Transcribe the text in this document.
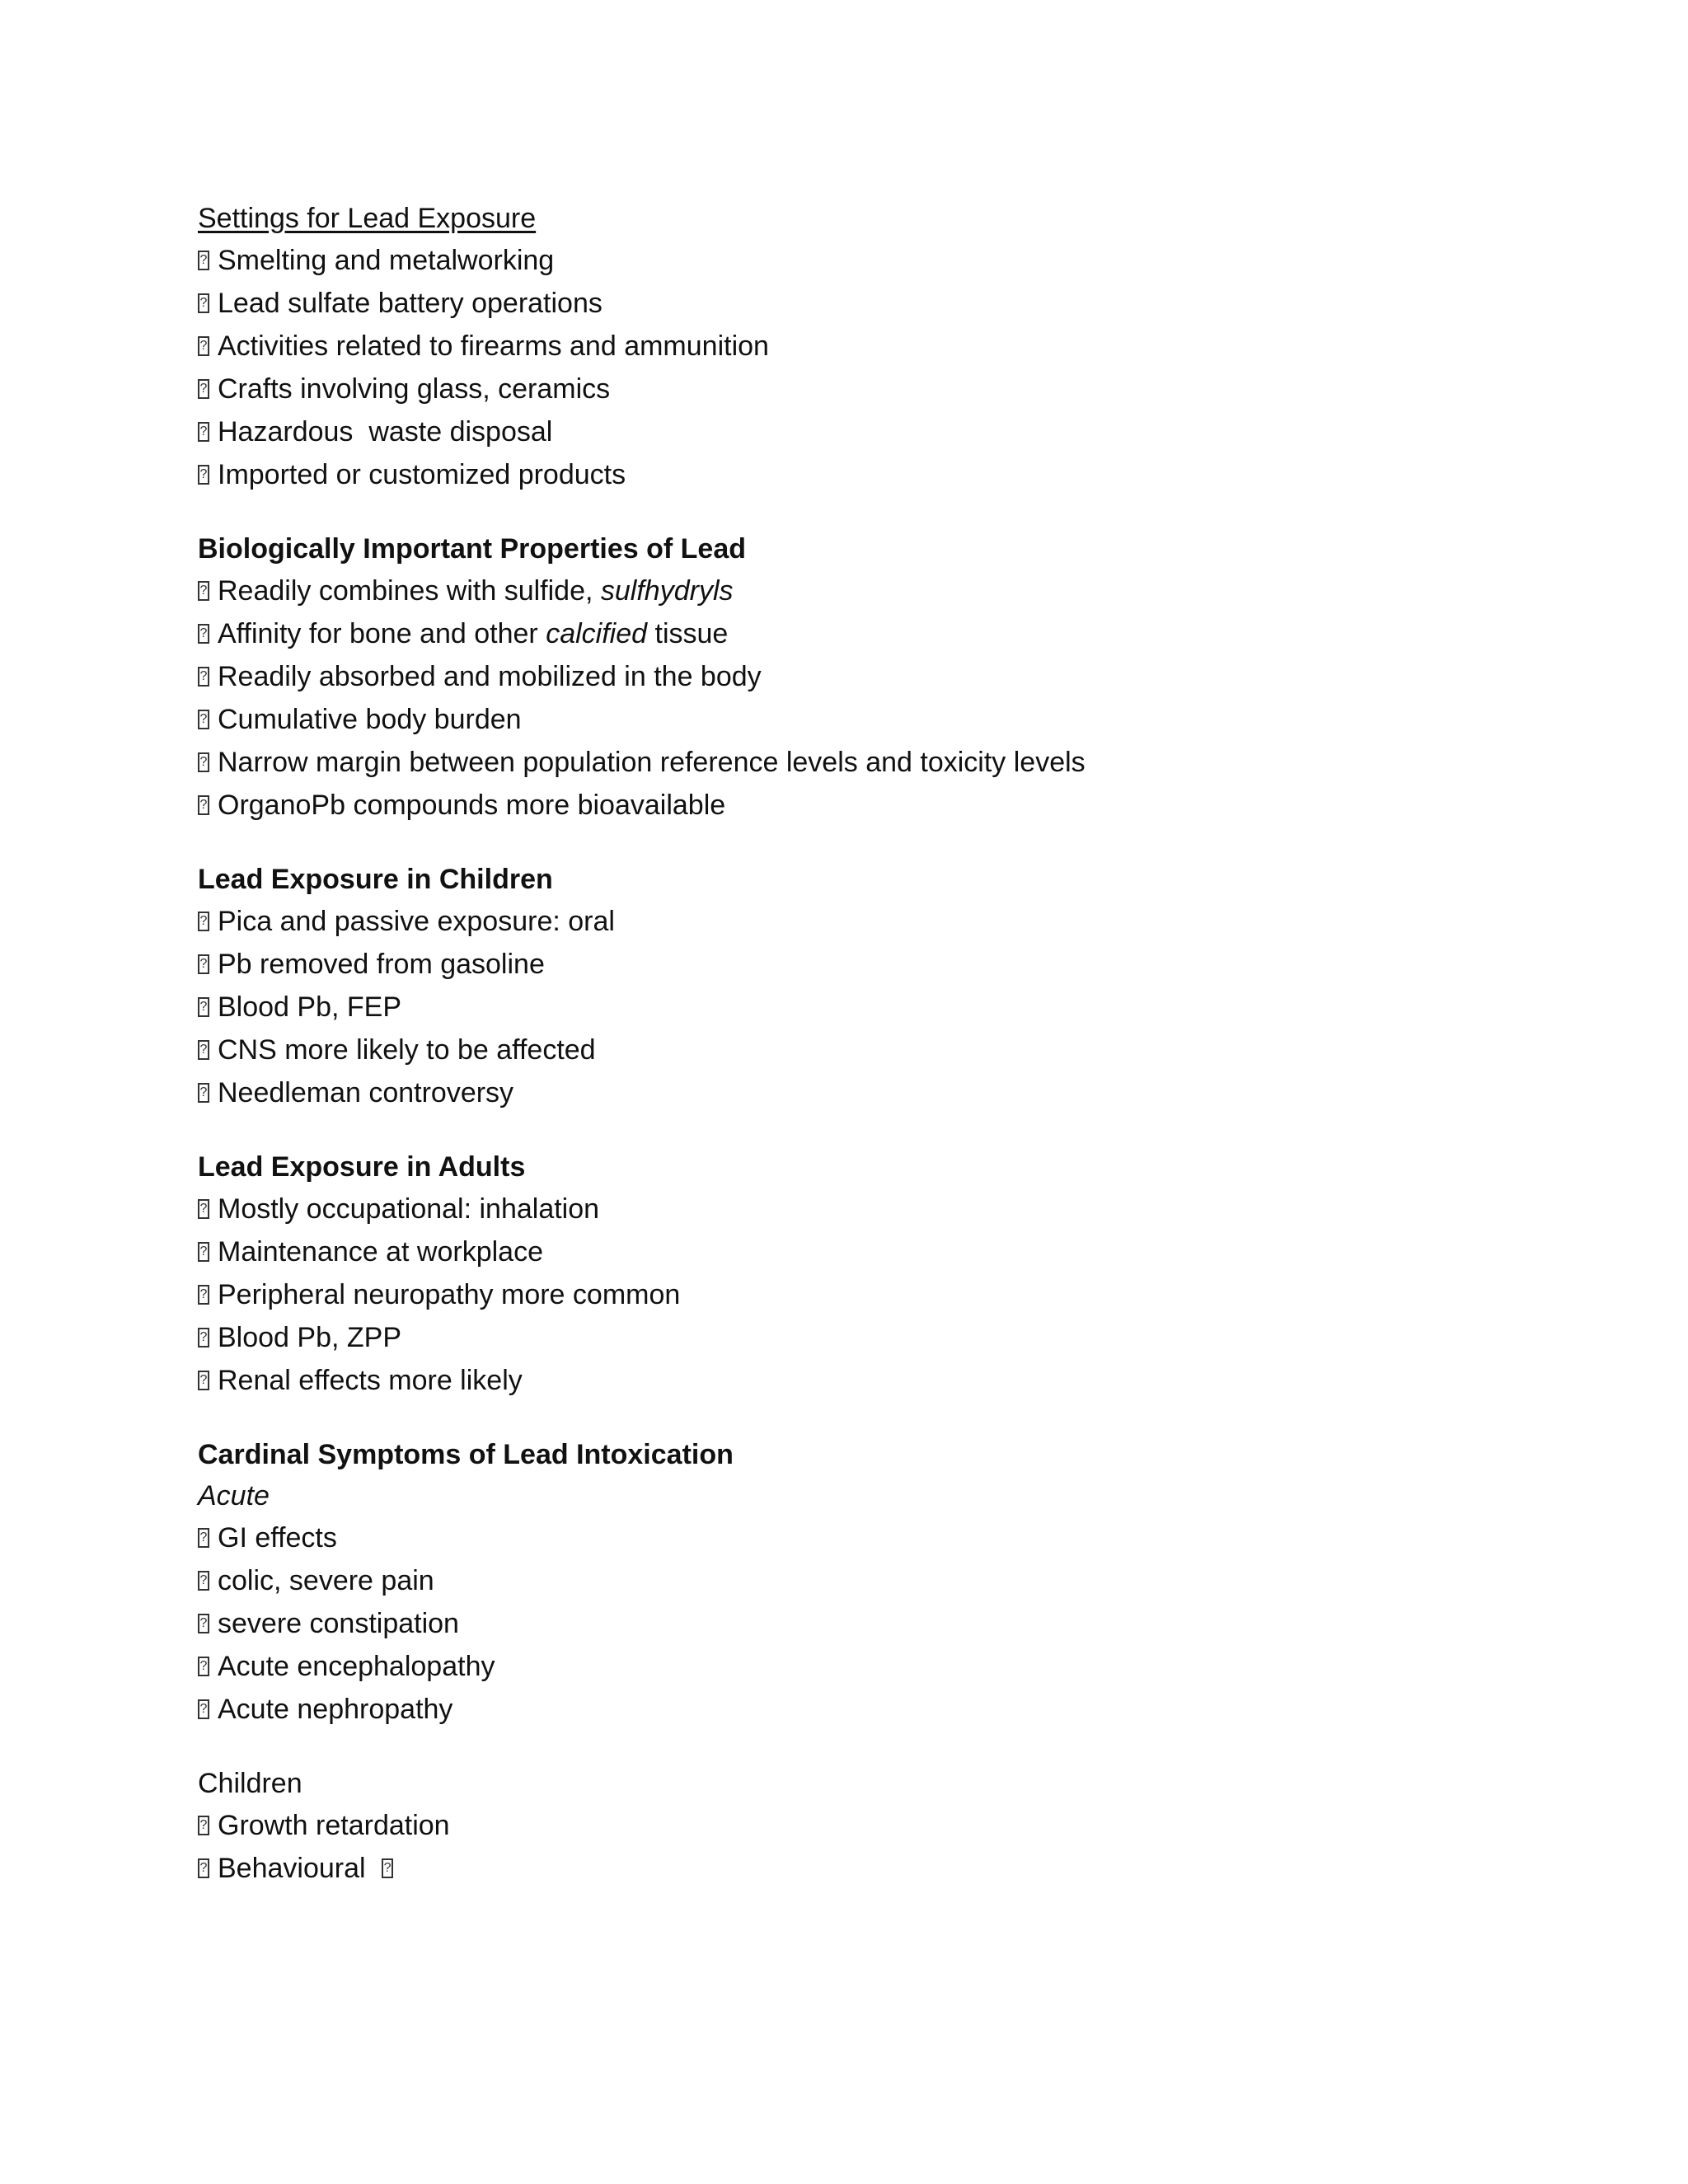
Settings for Lead Exposure
?
Smelting and metalworking
?
Lead sulfate battery operations
?
Activities related to firearms and ammunition
?
Crafts involving glass, ceramics
?
Hazardous  waste disposal
?
Imported or customized products
Biologically Important Properties of Lead
?
Readily combines with sulfide, sulfhydryls
?
Affinity for bone and other calcified tissue
?
Readily absorbed and mobilized in the body
?
Cumulative body burden
?
Narrow margin between population reference levels and toxicity levels
?
OrganoPb compounds more bioavailable
Lead Exposure in Children
?
Pica and passive exposure: oral
?
Pb removed from gasoline
?
Blood Pb, FEP
?
CNS more likely to be affected
?
Needleman controversy
Lead Exposure in Adults
?
Mostly occupational: inhalation
?
Maintenance at workplace
?
Peripheral neuropathy more common
?
Blood Pb, ZPP
?
Renal effects more likely
Cardinal Symptoms of Lead Intoxication
Acute
?
GI effects
?
colic, severe pain
?
severe constipation
?
Acute encephalopathy
?
Acute nephropathy
Children
?
Growth retardation
?
Behavioural
?
